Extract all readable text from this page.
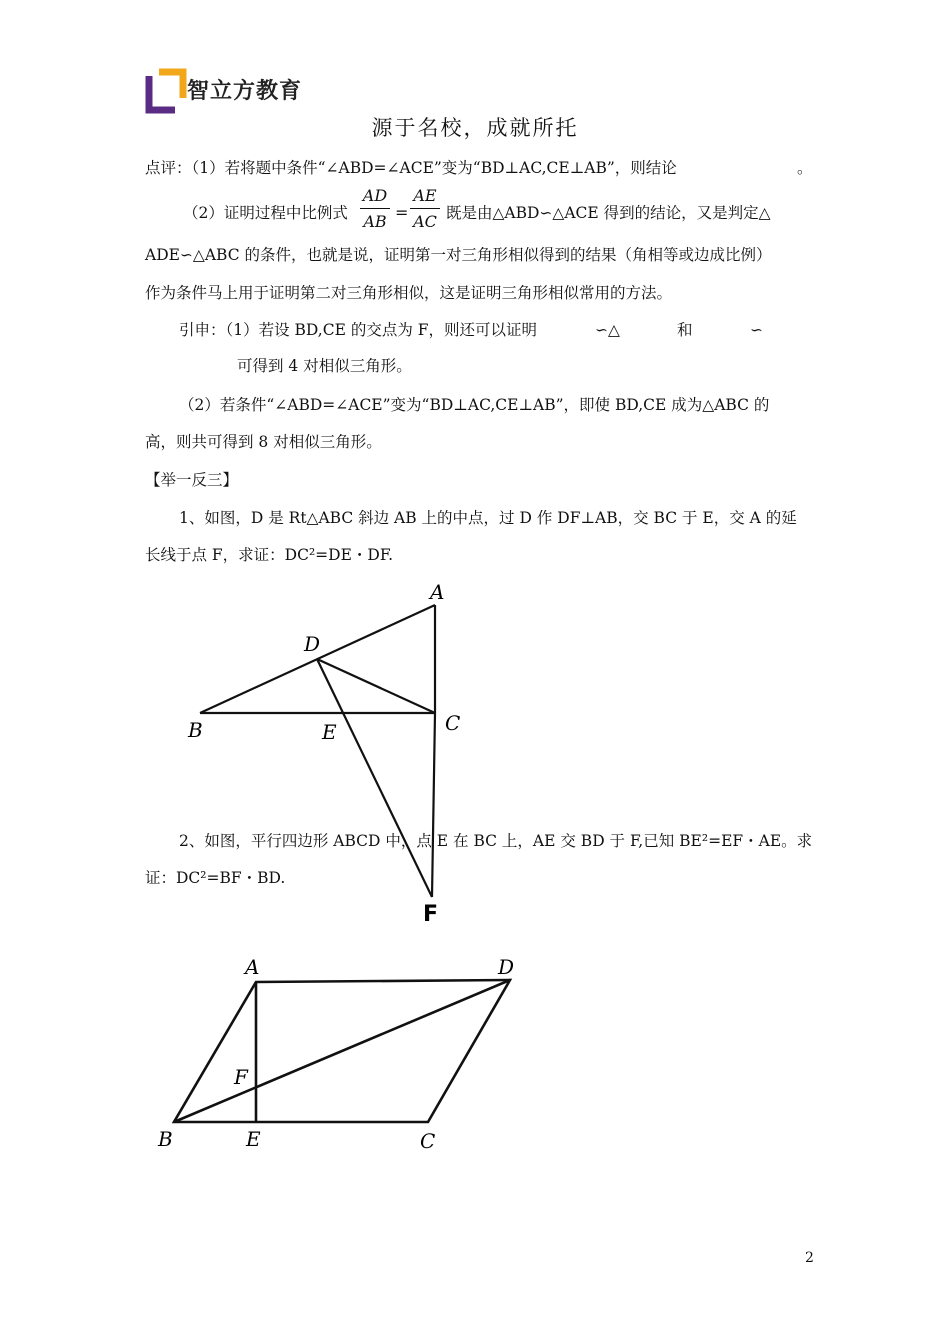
智立方教育
源于名校，成就所托
点评：（1）若将题中条件“∠ABD=∠ACE”变为“BD⊥AC,CE⊥AB”，则结论	。
（2）证明过程中比例式
AD
AB =
AE
AC 既是由△ABD∽△ACE 得到的结论，又是判定△
ADE∽△ABC 的条件，也就是说，证明第一对三角形相似得到的结果（角相等或边成比例）
作为条件马上用于证明第二对三角形相似，这是证明三角形相似常用的方法。
引申：（1）若设 BD,CE 的交点为 F，则还可以证明	∽△	和	∽
可得到 4 对相似三角形。
（2）若条件“∠ABD=∠ACE”变为“BD⊥AC,CE⊥AB”，即使 BD,CE 成为△ABC 的
高，则共可得到 8 对相似三角形。
【举一反三】
1、如图，D 是 Rt△ABC 斜边 AB 上的中点，过 D 作 DF⊥AB，交 BC 于 E，交 A 的延
长线于点 F，求证：DC²=DE・DF.
A
B	C
D
E
F
2、如图，平行四边形 ABCD 中，点 E 在 BC 上，AE 交 BD 于 F,已知 BE²=EF・AE。求
证：DC²=BF・BD.
A
B	C
D
E
F
2
